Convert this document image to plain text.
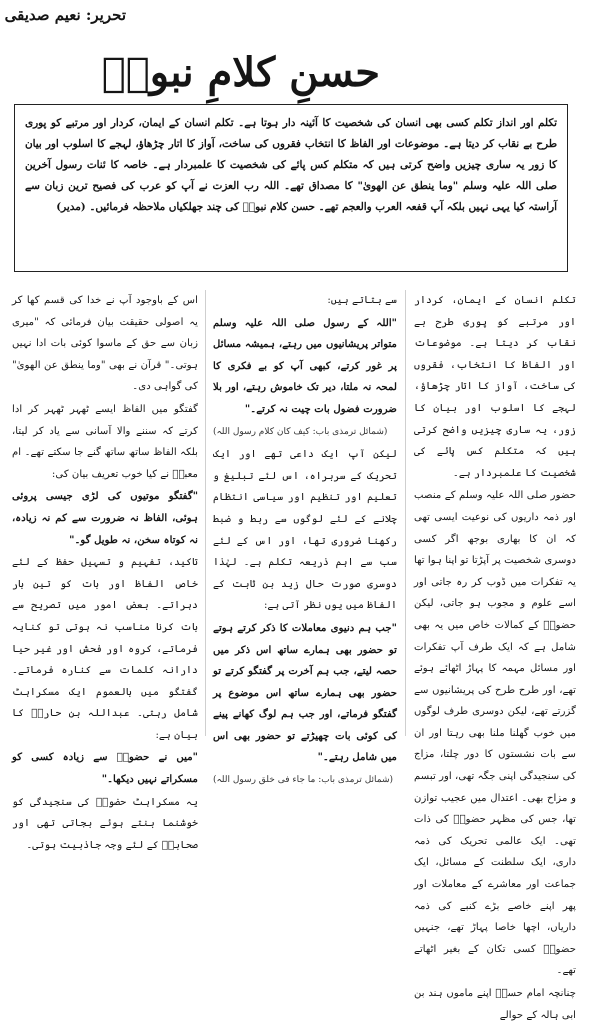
تحریر: نعیم صدیقی
حسنِ کلامِ نبویؐ

تکلم اور انداز تکلم کسی بھی انسان کی شخصیت کا آئینہ دار ہوتا ہے۔ تکلم انسان کے ایمان، کردار اور مرتبے کو پوری طرح بے نقاب کر دیتا ہے۔ موضوعات اور الفاظ کا انتخاب فقروں کی ساخت، آواز کا اتار چڑھاؤ، لہجے کا اسلوب اور بیان کا زور یہ ساری چیزیں واضح کرتی ہیں کہ متکلم کس پائے کی شخصیت کا علمبردار ہے۔ خاصہ کا ئنات رسول آخرین صلی اللہ علیہ وسلم "وما ینطق عن الھویٰ" کا مصداق تھے۔ اللہ رب العزت نے آپ کو عرب کی فصیح ترین زبان سے آراستہ کیا یہی نہیں بلکہ آپ قفعہ العرب والعجم تھے۔ حسن کلام نبویؐ کی چند جھلکیاں ملاحظہ فرمائیں۔ (مدیر)

تکلم انسان کے ایمان، کردار اور مرتبے کو پوری طرح بے نقاب کر دیتا ہے۔ موضوعات اور الفاظ کا انتخاب، فقروں کی ساخت، آواز کا اتار چڑھاؤ، لہجے کا اسلوب اور بیان کا زور، یہ ساری چیزیں واضح کرتی ہیں کہ متکلم کس پائے کی شخصیت کا علمبردار ہے۔

حضور صلی اللہ علیہ وسلم کے منصب اور ذمہ داریوں کی نوعیت ایسی تھی کہ ان کا بھاری بوجھ اگر کسی دوسری شخصیت پر آپڑتا تو اپنا ہوا تھا یہ تفکرات میں ڈوب کر رہ جاتی اور اسے علوم و مجوب ہو جاتی، لیکن حضورؐ کے کمالات خاص میں یہ بھی شامل ہے کہ ایک طرف آپ تفکرات اور مسائل مہمہ کا پہاڑ اٹھائے ہوئے تھے، اور طرح طرح کی پریشانیوں سے گزرتے تھے، لیکن دوسری طرف لوگوں میں خوب گھلنا ملنا بھی رہتا اور ان سے بات نشستوں کا دور چلتا، مزاج کی سنجیدگی اپنی جگہ تھی، اور تبسم و مزاح بھی۔ اعتدال میں عجیب توازن تھا، جس کی مظہر حضورؐ کی ذات تھی۔ ایک عالمی تحریک کی ذمہ داری، ایک سلطنت کے مسائل، ایک جماعت اور معاشرے کے معاملات اور پھر اپنے خاصے بڑے کنبے کی ذمہ داریاں، اچھا خاصا پہاڑ تھے، جنہیں حضورؐ کسی تکان کے بغیر اٹھاتے تھے۔

چنانچہ امام حسنؓ اپنے ماموں ہند بن ابی ہالہ کے حوالے

سے بتاتے ہیں:

"اللہ کے رسول صلی اللہ علیہ وسلم متواتر پریشانیوں میں رہتے، ہمیشہ مسائل پر غور کرتے، کبھی آپ کو بے فکری کا لمحہ نہ ملتا، دیر تک خاموش رہتے، اور بلا ضرورت فضول بات چیت نہ کرتے۔"

(شمائل ترمذی باب: کیف کان کلام رسول اللہ)

لیکن آپ ایک داعی تھے اور ایک تحریک کے سربراہ، اس لئے تبلیغ و تعلیم اور تنظیم اور سیاسی انتظام چلانے کے لئے لوگوں سے ربط و ضبط رکھنا ضروری تھا، اور اس کے لئے سب سے اہم ذریعہ تکلم ہے۔ لہٰذا دوسری صورت حال زید بن ثابت کے الفاظ میں یوں نظر آتی ہے:

"جب ہم دنیوی معاملات کا ذکر کرتے ہوتے تو حضور بھی ہمارے ساتھ اس ذکر میں حصہ لیتے، جب ہم آخرت پر گفتگو کرتے تو حضور بھی ہمارے ساتھ اس موضوع پر گفتگو فرماتے، اور جب ہم لوگ کھانے پینے کی کوئی بات چھیڑتے تو حضور بھی اس میں شامل رہتے۔"

(شمائل ترمذی باب: ما جاء فی خلق رسول اللہ)

اس کے باوجود آپ نے خدا کی قسم کھا کر یہ اصولی حقیقت بیان فرمائی کہ "میری زبان سے حق کے ماسوا کوئی بات ادا نہیں ہوتی۔" قرآن نے بھی "وما ینطق عن الھویٰ" کی گواہی دی۔

گفتگو میں الفاظ ایسے ٹھہر ٹھہر کر ادا کرتے کہ سننے والا آسانی سے یاد کر لیتا، بلکہ الفاظ ساتھ ساتھ گنے جا سکتے تھے۔ ام معبدؓ نے کیا خوب تعریف بیان کی:

"گفتگو موتیوں کی لڑی جیسی پروئی ہوئی، الفاظ نہ ضرورت سے کم نہ زیادہ، نہ کوتاہ سخن، نہ طویل گو۔"

تاکید، تفہیم و تسہیل حفظ کے لئے خاص الفاظ اور بات کو تین بار دہراتے۔ بعض امور میں تصریح سے بات کرنا مناسب نہ ہوتی تو کنایہ فرماتے، کروہ اور فحش اور غیر حیا دارانہ کلمات سے کنارہ فرماتے۔ گفتگو میں بالعموم ایک مسکراہٹ شامل رہتی۔ عبداللہ بن حارثؓ کا بیان ہے:

"میں نے حضورؐ سے زیادہ کسی کو مسکراتے نہیں دیکھا۔"

یہ مسکراہٹ حضورؐ کی سنجیدگی کو خوشنما بنتے ہوئے بجاتی تھی اور صحابہؓ کے لئے وجہ جاذبیت ہوتی۔
